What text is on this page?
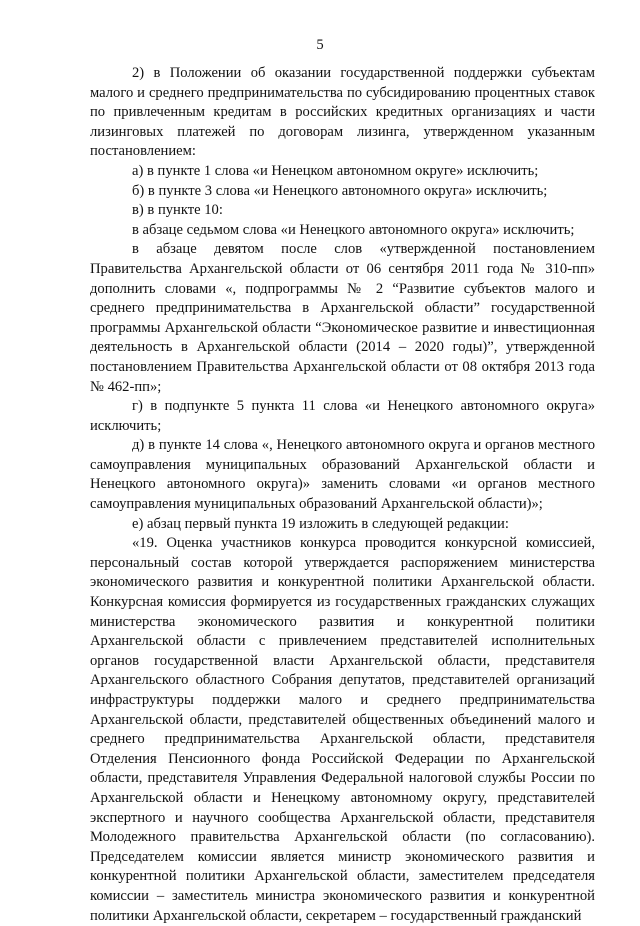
5

2) в Положении об оказании государственной поддержки субъектам малого и среднего предпринимательства по субсидированию процентных ставок по привлеченным кредитам в российских кредитных организациях и части лизинговых платежей по договорам лизинга, утвержденном указанным постановлением:

а) в пункте 1 слова «и Ненецком автономном округе» исключить;

б) в пункте 3 слова «и Ненецкого автономного округа» исключить;

в) в пункте 10:

в абзаце седьмом слова «и Ненецкого автономного округа» исключить;

в абзаце девятом после слов «утвержденной постановлением Правительства Архангельской области от 06 сентября 2011 года № 310-пп» дополнить словами «, подпрограммы № 2 “Развитие субъектов малого и среднего предпринимательства в Архангельской области” государственной программы Архангельской области “Экономическое развитие и инвестиционная деятельность в Архангельской области (2014 – 2020 годы)”, утвержденной постановлением Правительства Архангельской области от 08 октября 2013 года № 462-пп»;

г) в подпункте 5 пункта 11 слова «и Ненецкого автономного округа» исключить;

д) в пункте 14 слова «, Ненецкого автономного округа и органов местного самоуправления муниципальных образований Архангельской области и Ненецкого автономного округа)» заменить словами «и органов местного самоуправления муниципальных образований Архангельской области)»;

е) абзац первый пункта 19 изложить в следующей редакции:

«19. Оценка участников конкурса проводится конкурсной комиссией, персональный состав которой утверждается распоряжением министерства экономического развития и конкурентной политики Архангельской области. Конкурсная комиссия формируется из государственных гражданских служащих министерства экономического развития и конкурентной политики Архангельской области с привлечением представителей исполнительных органов государственной власти Архангельской области, представителя Архангельского областного Собрания депутатов, представителей организаций инфраструктуры поддержки малого и среднего предпринимательства Архангельской области, представителей общественных объединений малого и среднего предпринимательства Архангельской области, представителя Отделения Пенсионного фонда Российской Федерации по Архангельской области, представителя Управления Федеральной налоговой службы России по Архангельской области и Ненецкому автономному округу, представителей экспертного и научного сообщества Архангельской области, представителя Молодежного правительства Архангельской области (по согласованию). Председателем комиссии является министр экономического развития и конкурентной политики Архангельской области, заместителем председателя комиссии – заместитель министра экономического развития и конкурентной политики Архангельской области, секретарем – государственный гражданский
